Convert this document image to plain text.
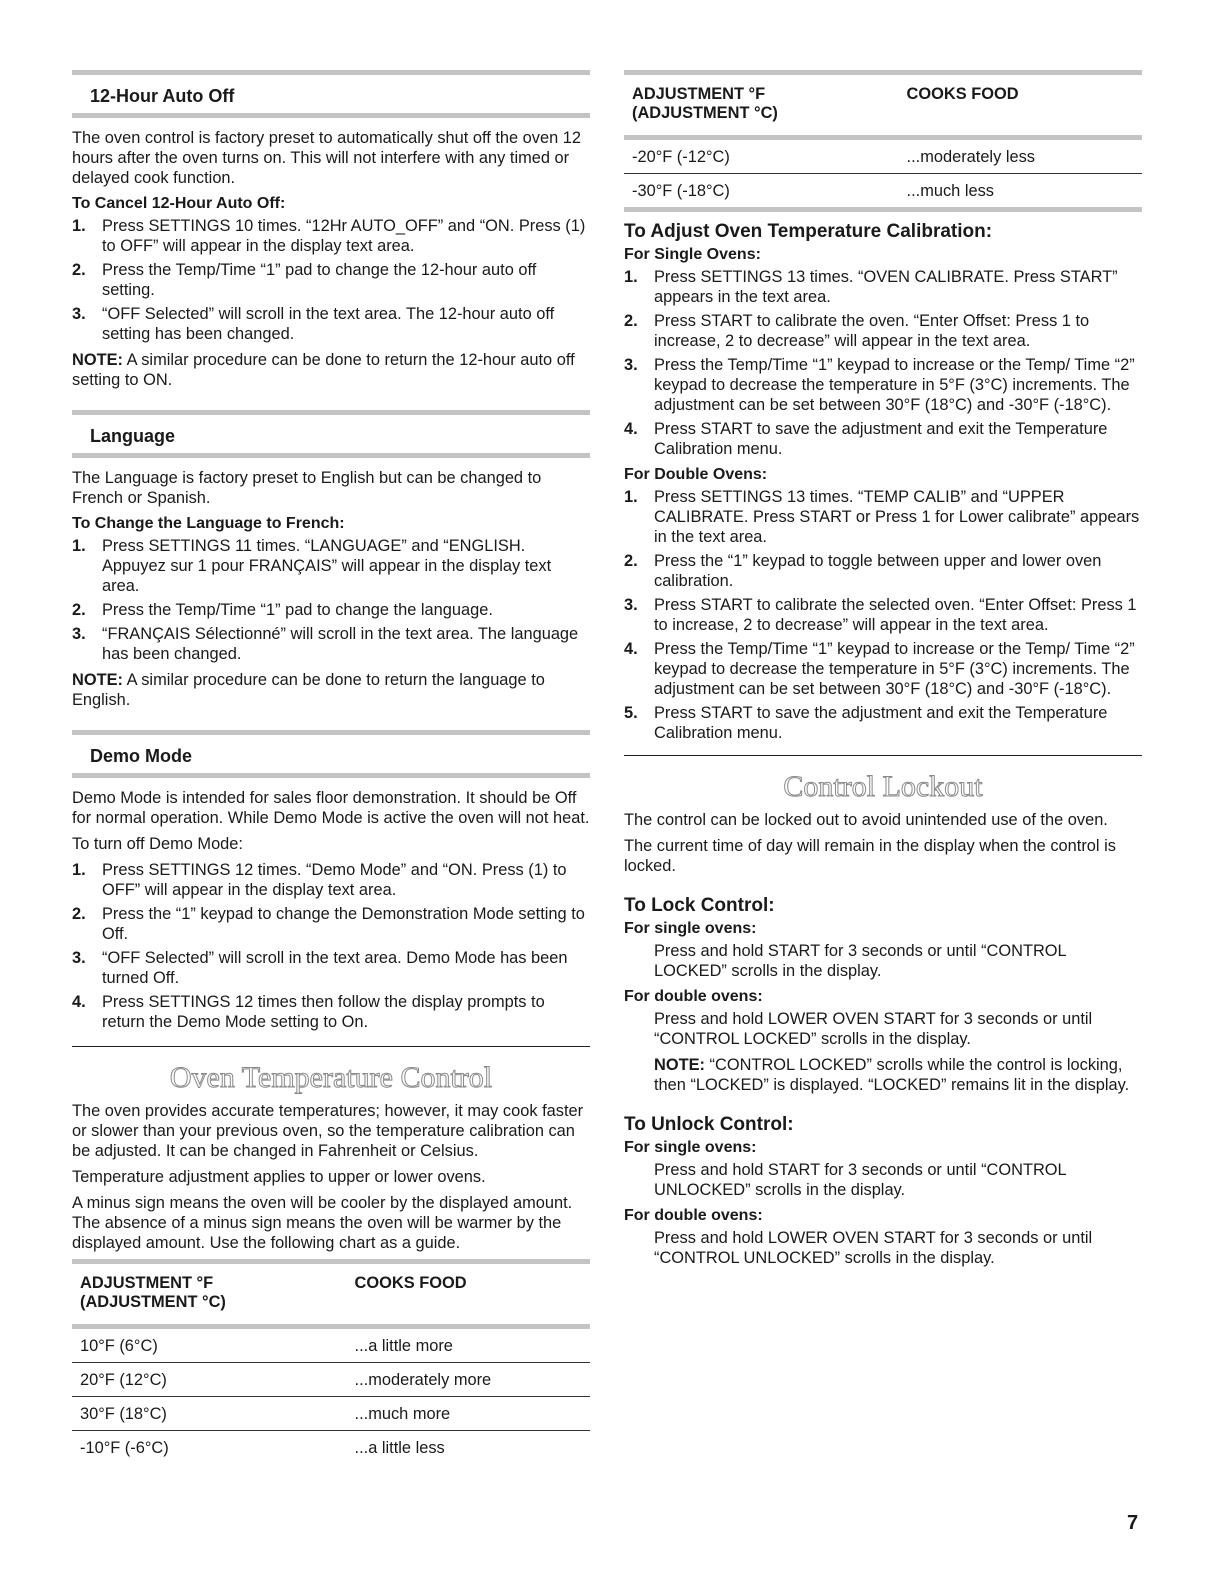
12-Hour Auto Off

The oven control is factory preset to automatically shut off the oven 12 hours after the oven turns on. This will not interfere with any timed or delayed cook function.

To Cancel 12-Hour Auto Off:
1. Press SETTINGS 10 times. “12Hr AUTO_OFF” and “ON. Press (1) to OFF” will appear in the display text area.
2. Press the Temp/Time “1” pad to change the 12-hour auto off setting.
3. “OFF Selected” will scroll in the text area. The 12-hour auto off setting has been changed.

NOTE: A similar procedure can be done to return the 12-hour auto off setting to ON.

Language

The Language is factory preset to English but can be changed to French or Spanish.

To Change the Language to French:
1. Press SETTINGS 11 times. “LANGUAGE” and “ENGLISH. Appuyez sur 1 pour FRANÇAIS” will appear in the display text area.
2. Press the Temp/Time “1” pad to change the language.
3. “FRANÇAIS Sélectionné” will scroll in the text area. The language has been changed.

NOTE: A similar procedure can be done to return the language to English.

Demo Mode

Demo Mode is intended for sales floor demonstration. It should be Off for normal operation. While Demo Mode is active the oven will not heat.

To turn off Demo Mode:

1. Press SETTINGS 12 times. “Demo Mode” and “ON. Press (1) to OFF” will appear in the display text area.
2. Press the “1” keypad to change the Demonstration Mode setting to Off.
3. “OFF Selected” will scroll in the text area. Demo Mode has been turned Off.
4. Press SETTINGS 12 times then follow the display prompts to return the Demo Mode setting to On.
Oven Temperature Control

The oven provides accurate temperatures; however, it may cook faster or slower than your previous oven, so the temperature calibration can be adjusted. It can be changed in Fahrenheit or Celsius.

Temperature adjustment applies to upper or lower ovens.

A minus sign means the oven will be cooler by the displayed amount. The absence of a minus sign means the oven will be warmer by the displayed amount. Use the following chart as a guide.

ADJUSTMENT °F
(ADJUSTMENT °C)	COOKS FOOD
10°F (6°C)	...a little more
20°F (12°C)	...moderately more
30°F (18°C)	...much more
-10°F (-6°C)	...a little less
ADJUSTMENT °F
(ADJUSTMENT °C)	COOKS FOOD
-20°F (-12°C)	...moderately less
-30°F (-18°C)	...much less
To Adjust Oven Temperature Calibration:
For Single Ovens:
1. Press SETTINGS 13 times. “OVEN CALIBRATE. Press START” appears in the text area.
2. Press START to calibrate the oven. “Enter Offset: Press 1 to increase, 2 to decrease” will appear in the text area.
3. Press the Temp/Time “1” keypad to increase or the Temp/ Time “2” keypad to decrease the temperature in 5°F (3°C) increments. The adjustment can be set between 30°F (18°C) and -30°F (-18°C).
4. Press START to save the adjustment and exit the Temperature Calibration menu.
For Double Ovens:
1. Press SETTINGS 13 times. “TEMP CALIB” and “UPPER CALIBRATE. Press START or Press 1 for Lower calibrate” appears in the text area.
2. Press the “1” keypad to toggle between upper and lower oven calibration.
3. Press START to calibrate the selected oven. “Enter Offset: Press 1 to increase, 2 to decrease” will appear in the text area.
4. Press the Temp/Time “1” keypad to increase or the Temp/ Time “2” keypad to decrease the temperature in 5°F (3°C) increments. The adjustment can be set between 30°F (18°C) and -30°F (-18°C).
5. Press START to save the adjustment and exit the Temperature Calibration menu.
Control Lockout

The control can be locked out to avoid unintended use of the oven.

The current time of day will remain in the display when the control is locked.

To Lock Control:
For single ovens:

Press and hold START for 3 seconds or until “CONTROL LOCKED” scrolls in the display.

For double ovens:

Press and hold LOWER OVEN START for 3 seconds or until “CONTROL LOCKED” scrolls in the display.

NOTE: “CONTROL LOCKED” scrolls while the control is locking, then “LOCKED” is displayed. “LOCKED” remains lit in the display.

To Unlock Control:
For single ovens:

Press and hold START for 3 seconds or until “CONTROL UNLOCKED” scrolls in the display.

For double ovens:

Press and hold LOWER OVEN START for 3 seconds or until “CONTROL UNLOCKED” scrolls in the display.

7
